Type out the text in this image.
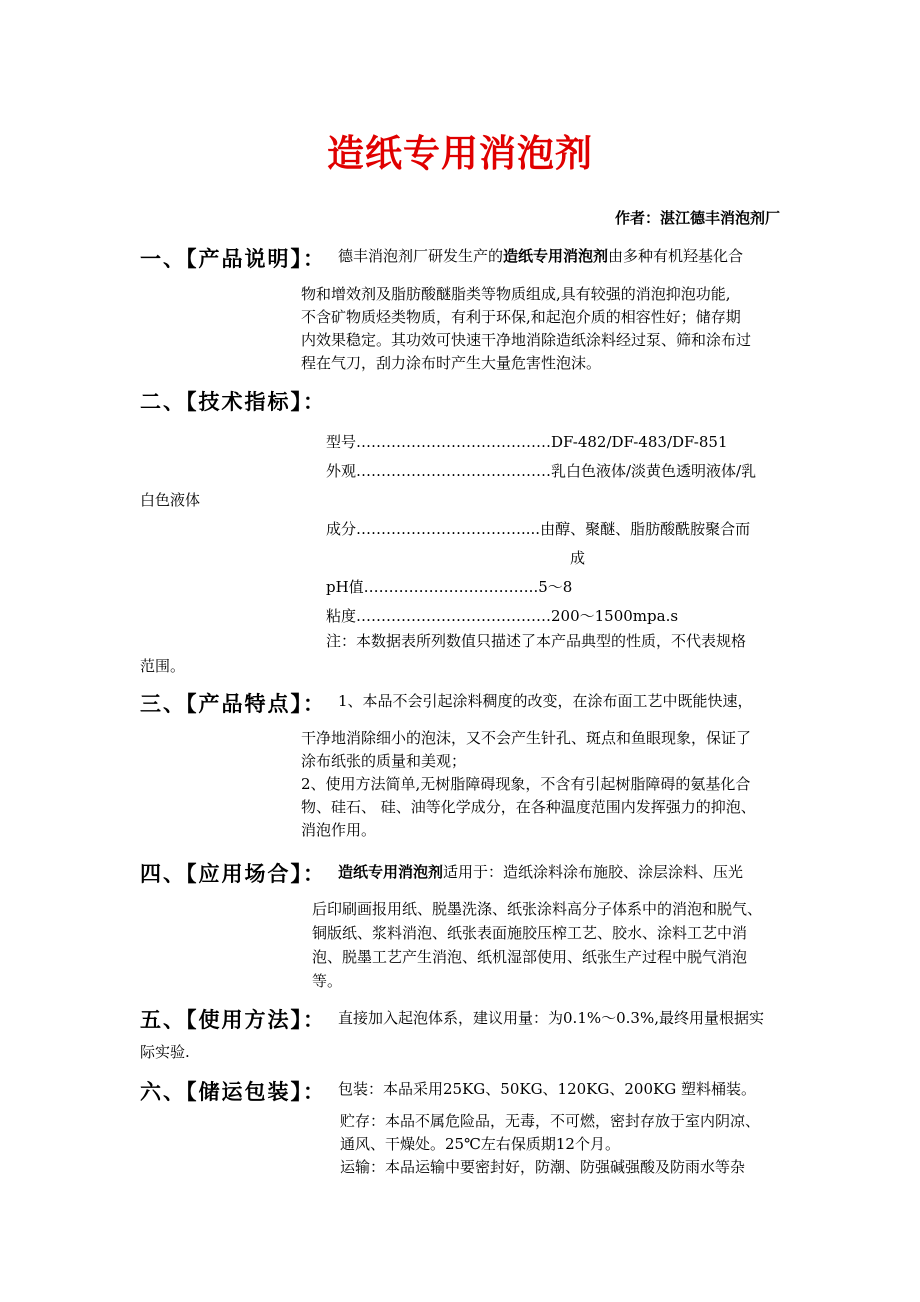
造纸专用消泡剂
作者：湛江德丰消泡剂厂
一、【产品说明】： 德丰消泡剂厂研发生产的造纸专用消泡剂由多种有机羟基化合
物和增效剂及脂肪酸醚脂类等物质组成,具有较强的消泡抑泡功能,
不含矿物质烃类物质，有利于环保,和起泡介质的相容性好；储存期
内效果稳定。其功效可快速干净地消除造纸涂料经过泵、筛和涂布过
程在气刀，刮力涂布时产生大量危害性泡沫。
二、【技术指标】：
型号…………………………………DF-482/DF-483/DF-851
外观…………………………………乳白色液体/淡黄色透明液体/乳
白色液体
成分……………………………....由醇、聚醚、脂肪酸酰胺聚合而
成
pH值……………………………..5～8
粘度…………………………………200～1500mpa.s
注：本数据表所列数值只描述了本产品典型的性质，不代表规格
范围。
三、【产品特点】： 1、本品不会引起涂料稠度的改变，在涂布面工艺中既能快速，
干净地消除细小的泡沫，又不会产生针孔、斑点和鱼眼现象，保证了
涂布纸张的质量和美观；
2、使用方法简单,无树脂障碍现象，不含有引起树脂障碍的氨基化合
物、硅石、 硅、油等化学成分，在各种温度范围内发挥强力的抑泡、
消泡作用。
四、【应用场合】： 造纸专用消泡剂适用于：造纸涂料涂布施胶、涂层涂料、压光
后印刷画报用纸、脱墨洗涤、纸张涂料高分子体系中的消泡和脱气、
铜版纸、浆料消泡、纸张表面施胶压榨工艺、胶水、涂料工艺中消
泡、脱墨工艺产生消泡、纸机湿部使用、纸张生产过程中脱气消泡
等。
五、【使用方法】： 直接加入起泡体系，建议用量：为0.1%～0.3%,最终用量根据实
际实验.
六、【储运包装】： 包装：本品采用25KG、50KG、120KG、200KG 塑料桶装。
贮存：本品不属危险品，无毒，不可燃，密封存放于室内阴凉、
通风、干燥处。25℃左右保质期12个月。
运输：本品运输中要密封好，防潮、防强碱强酸及防雨水等杂
